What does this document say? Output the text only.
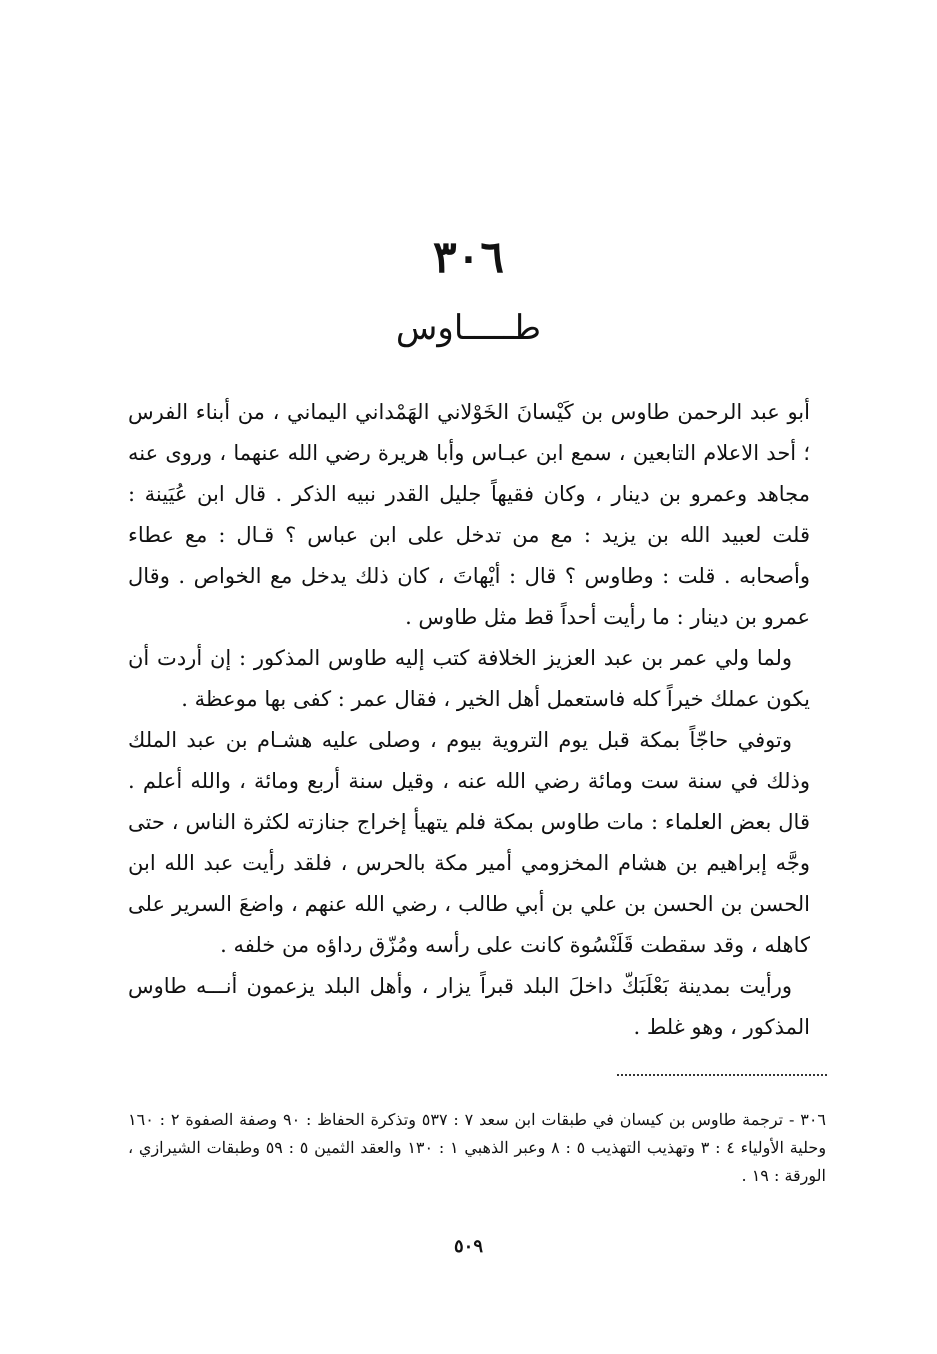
٣٠٦
طـــــاوس

أبو عبد الرحمن طاوس بن كَيْسانَ الخَوْلاني الهَمْداني اليماني ، من أبناء الفرس ؛ أحد الاعلام التابعين ، سمع ابن عبـاس وأبا هريرة رضي الله عنهما ، وروى عنه مجاهد وعمرو بن دينار ، وكان فقيهاً جليل القدر نبيه الذكر . قال ابن عُيَينة : قلت لعبيد الله بن يزيد : مع من تدخل على ابن عباس ؟ قـال : مع عطاء وأصحابه . قلت : وطاوس ؟ قال : أيْهاتَ ، كان ذلك يدخل مع الخواص . وقال عمرو بن دينار : ما رأيت أحداً قط مثل طاوس .

ولما ولي عمر بن عبد العزيز الخلافة كتب إليه طاوس المذكور : إن أردت أن يكون عملك خيراً كله فاستعمل أهل الخير ، فقال عمر : كفى بها موعظة .

وتوفي حاجّاً بمكة قبل يوم التروية بيوم ، وصلى عليه هشـام بن عبد الملك وذلك في سنة ست ومائة رضي الله عنه ، وقيل سنة أربع ومائة ، والله أعلم . قال بعض العلماء : مات طاوس بمكة فلم يتهيأ إخراج جنازته لكثرة الناس ، حتى وجَّه إبراهيم بن هشام المخزومي أمير مكة بالحرس ، فلقد رأيت عبد الله ابن الحسن بن الحسن بن علي بن أبي طالب ، رضي الله عنهم ، واضعَ السرير على كاهله ، وقد سقطت قَلَنْسُوة كانت على رأسه ومُزّق رداؤه من خلفه .

ورأيت بمدينة بَعْلَبَكّ داخلَ البلد قبراً يزار ، وأهل البلد يزعمون أنـــه طاوس المذكور ، وهو غلط .

٣٠٦ - ترجمة طاوس بن كيسان في طبقات ابن سعد ٧ : ٥٣٧ وتذكرة الحفاظ : ٩٠ وصفة الصفوة ٢ : ١٦٠ وحلية الأولياء ٤ : ٣ وتهذيب التهذيب ٥ : ٨ وعبر الذهبي ١ : ١٣٠ والعقد الثمين ٥ : ٥٩ وطبقات الشيرازي ، الورقة : ١٩ .
٥٠٩
